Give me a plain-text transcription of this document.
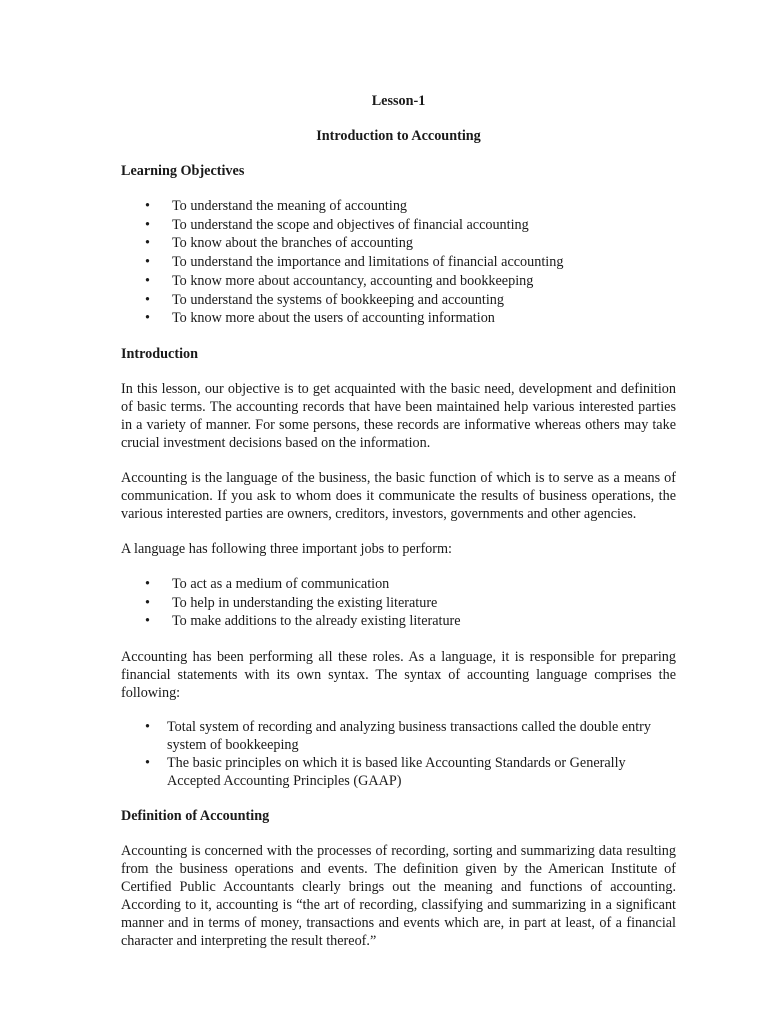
Lesson-1

Introduction to Accounting

Learning Objectives
• To understand the meaning of accounting
• To understand the scope and objectives of financial accounting
• To know about the branches of accounting
• To understand the importance and limitations of financial accounting
• To know more about accountancy, accounting and bookkeeping
• To understand the systems of bookkeeping and accounting
• To know more about the users of accounting information
Introduction

In this lesson, our objective is to get acquainted with the basic need, development and definition of basic terms. The accounting records that have been maintained help various interested parties in a variety of manner. For some persons, these records are informative whereas others may take crucial investment decisions based on the information.

Accounting is the language of the business, the basic function of which is to serve as a means of communication. If you ask to whom does it communicate the results of business operations, the various interested parties are owners, creditors, investors, governments and other agencies.

A language has following three important jobs to perform:

• To act as a medium of communication
• To help in understanding the existing literature
• To make additions to the already existing literature

Accounting has been performing all these roles. As a language, it is responsible for preparing financial statements with its own syntax. The syntax of accounting language comprises the following:

• Total system of recording and analyzing business transactions called the double entry system of bookkeeping
• The basic principles on which it is based like Accounting Standards or Generally Accepted Accounting Principles (GAAP)
Definition of Accounting

Accounting is concerned with the processes of recording, sorting and summarizing data resulting from the business operations and events. The definition given by the American Institute of Certified Public Accountants clearly brings out the meaning and functions of accounting. According to it, accounting is “the art of recording, classifying and summarizing in a significant manner and in terms of money, transactions and events which are, in part at least, of a financial character and interpreting the result thereof.”
